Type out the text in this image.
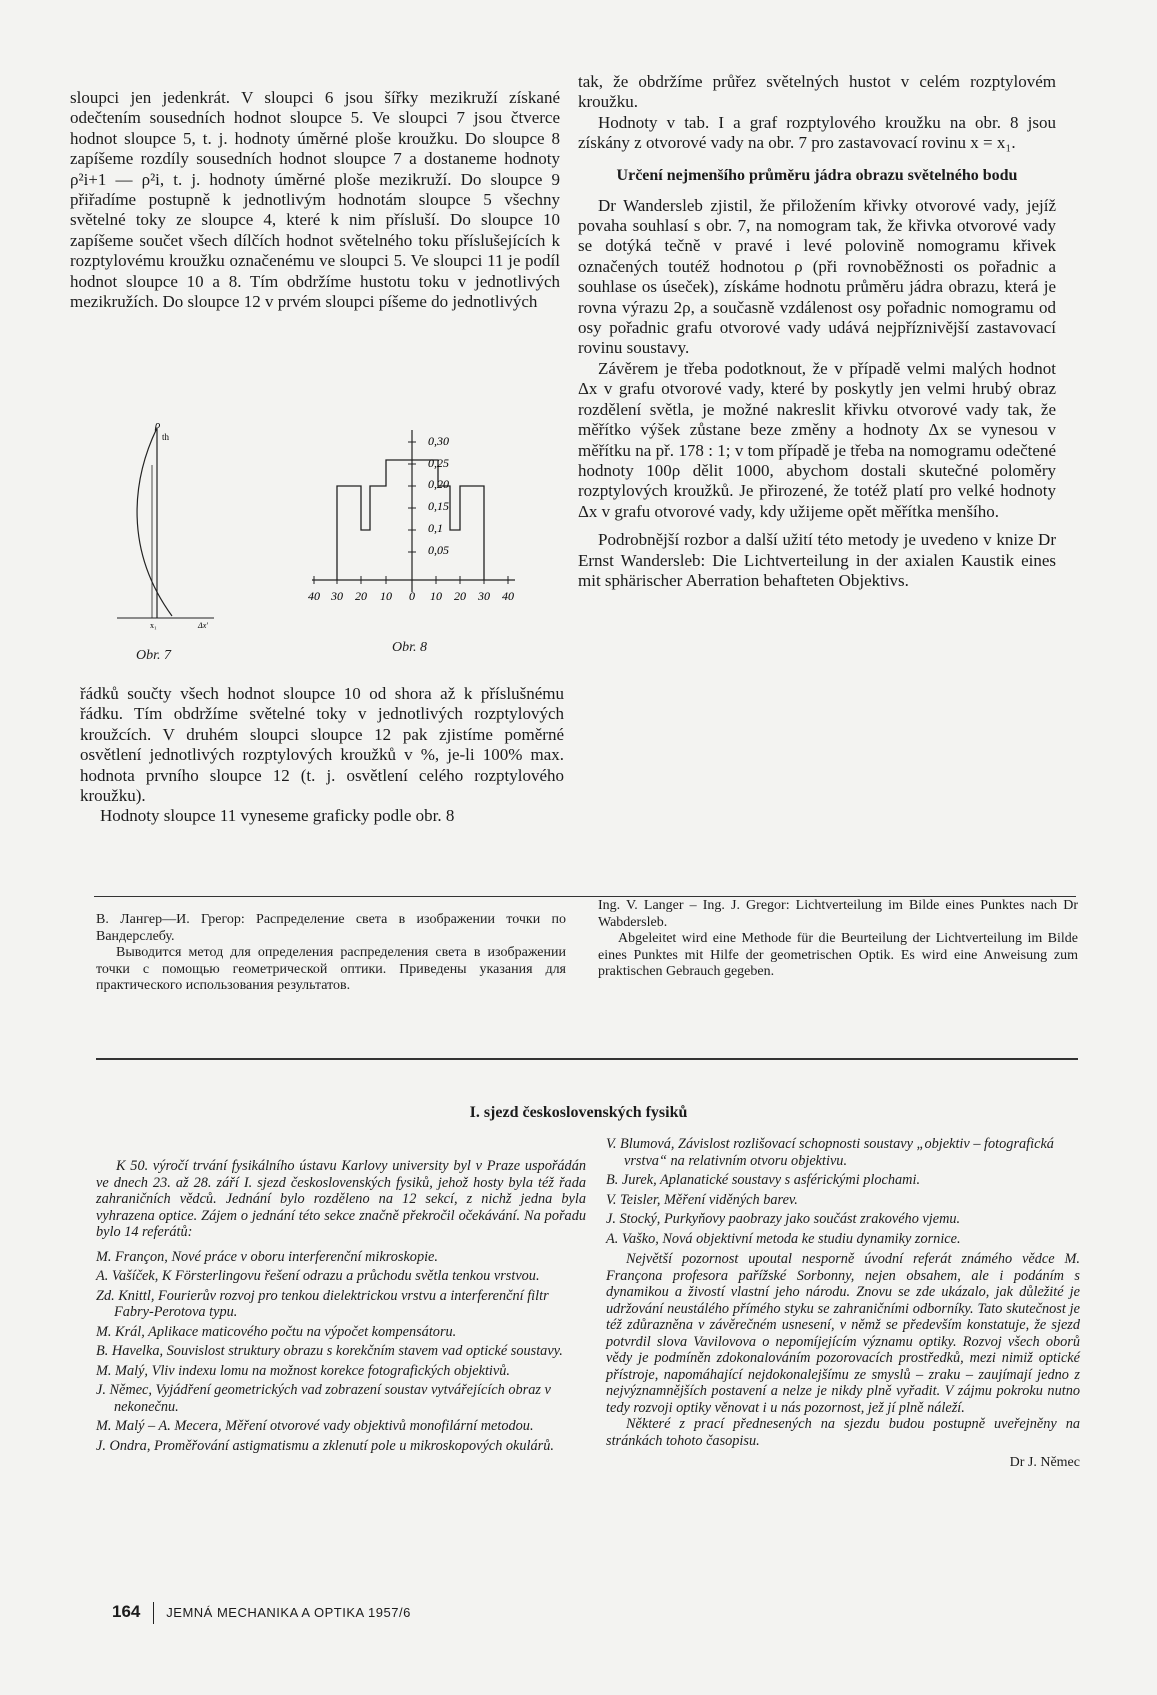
sloupci jen jedenkrát. V sloupci 6 jsou šířky mezikruží získané odečtením sousedních hodnot sloupce 5. Ve sloupci 7 jsou čtverce hodnot sloupce 5, t. j. hodnoty úměrné ploše kroužku. Do sloupce 8 zapíšeme rozdíly sousedních hodnot sloupce 7 a dostaneme hodnoty ρ²i+1 — ρ²i, t. j. hodnoty úměrné ploše mezikruží. Do sloupce 9 přiřadíme postupně k jednotlivým hodnotám sloupce 5 všechny světelné toky ze sloupce 4, které k nim přísluší. Do sloupce 10 zapíšeme součet všech dílčích hodnot světelného toku příslušejících k rozptylovému kroužku označenému ve sloupci 5. Ve sloupci 11 je podíl hodnot sloupce 10 a 8. Tím obdržíme hustotu toku v jednotlivých mezikružích. Do sloupce 12 v prvém sloupci píšeme do jednotlivých

ρ
th
x₁	Δx'
Obr. 7
0,30
0,25
0,20
0,15
0,1
0,05
40 30 20 10 0 10 20 30 40
Obr. 8

řádků součty všech hodnot sloupce 10 od shora až k příslušnému řádku. Tím obdržíme světelné toky v jednotlivých rozptylových kroužcích. V druhém sloupci sloupce 12 pak zjistíme poměrné osvětlení jednotlivých rozptylových kroužků v %, je-li 100% max. hodnota prvního sloupce 12 (t. j. osvětlení celého rozptylového kroužku).

Hodnoty sloupce 11 vyneseme graficky podle obr. 8

tak, že obdržíme průřez světelných hustot v celém rozptylovém kroužku.

Hodnoty v tab. I a graf rozptylového kroužku na obr. 8 jsou získány z otvorové vady na obr. 7 pro zastavovací rovinu x = x₁.

Určení nejmenšího průměru jádra obrazu světelného bodu

Dr Wandersleb zjistil, že přiložením křivky otvorové vady, jejíž povaha souhlasí s obr. 7, na nomogram tak, že křivka otvorové vady se dotýká tečně v pravé i levé polovině nomogramu křivek označených toutéž hodnotou ρ (při rovnoběžnosti os pořadnic a souhlase os úseček), získáme hodnotu průměru jádra obrazu, která je rovna výrazu 2ρ, a současně vzdálenost osy pořadnic nomogramu od osy pořadnic grafu otvorové vady udává nejpříznivější zastavovací rovinu soustavy.

Závěrem je třeba podotknout, že v případě velmi malých hodnot Δx v grafu otvorové vady, které by poskytly jen velmi hrubý obraz rozdělení světla, je možné nakreslit křivku otvorové vady tak, že měřítko výšek zůstane beze změny a hodnoty Δx se vynesou v měřítku na př. 178 : 1; v tom případě je třeba na nomogramu odečtené hodnoty 100ρ dělit 1000, abychom dostali skutečné poloměry rozptylových kroužků. Je přirozené, že totéž platí pro velké hodnoty Δx v grafu otvorové vady, kdy užijeme opět měřítka menšího.

Podrobnější rozbor a další užití této metody je uvedeno v knize Dr Ernst Wandersleb: Die Lichtverteilung in der axialen Kaustik eines mit sphärischer Aberration behafteten Objektivs.

В. Лангер—И. Грегор: Распределение света в изображении точки по Вандерслебу.

Выводится метод для определения распределения света в изображении точки с помощью геометрической оптики. Приведены указания для практического использования результатов.

Ing. V. Langer – Ing. J. Gregor: Lichtverteilung im Bilde eines Punktes nach Dr Wabdersleb.

Abgeleitet wird eine Methode für die Beurteilung der Lichtverteilung im Bilde eines Punktes mit Hilfe der geometrischen Optik. Es wird eine Anweisung zum praktischen Gebrauch gegeben.

I. sjezd československých fysiků

K 50. výročí trvání fysikálního ústavu Karlovy university byl v Praze uspořádán ve dnech 23. až 28. září I. sjezd československých fysiků, jehož hosty byla též řada zahraničních vědců. Jednání bylo rozděleno na 12 sekcí, z nichž jedna byla vyhrazena optice. Zájem o jednání této sekce značně překročil očekávání. Na pořadu bylo 14 referátů:

M. Françon, Nové práce v oboru interferenční mikroskopie.

A. Vašíček, K Försterlingovu řešení odrazu a průchodu světla tenkou vrstvou.

Zd. Knittl, Fourierův rozvoj pro tenkou dielektrickou vrstvu a interferenční filtr Fabry-Perotova typu.

M. Král, Aplikace maticového počtu na výpočet kompensátoru.

B. Havelka, Souvislost struktury obrazu s korekčním stavem vad optické soustavy.

M. Malý, Vliv indexu lomu na možnost korekce fotografických objektivů.

J. Němec, Vyjádření geometrických vad zobrazení soustav vytvářejících obraz v nekonečnu.

M. Malý – A. Mecera, Měření otvorové vady objektivů monofilární metodou.

J. Ondra, Proměřování astigmatismu a zklenutí pole u mikroskopových okulárů.

V. Blumová, Závislost rozlišovací schopnosti soustavy „objektiv – fotografická vrstva“ na relativním otvoru objektivu.

B. Jurek, Aplanatické soustavy s asférickými plochami.

V. Teisler, Měření viděných barev.

J. Stocký, Purkyňovy paobrazy jako součást zrakového vjemu.

A. Vaško, Nová objektivní metoda ke studiu dynamiky zornice.

Největší pozornost upoutal nesporně úvodní referát známého vědce M. Françona profesora pařížské Sorbonny, nejen obsahem, ale i podáním s dynamikou a živostí vlastní jeho národu. Znovu se zde ukázalo, jak důležité je udržování neustálého přímého styku se zahraničními odborníky. Tato skutečnost je též zdůrazněna v závěrečném usnesení, v němž se především konstatuje, že sjezd potvrdil slova Vavilovova o nepomíjejícím významu optiky. Rozvoj všech oborů vědy je podmíněn zdokonalováním pozorovacích prostředků, mezi nimiž optické přístroje, napomáhající nejdokonalejšímu ze smyslů – zraku – zaujímají jedno z nejvýznamnějších postavení a nelze je nikdy plně vyřadit. V zájmu pokroku nutno tedy rozvoji optiky věnovat i u nás pozornost, jež jí plně náleží.

Některé z prací přednesených na sjezdu budou postupně uveřejněny na stránkách tohoto časopisu.

Dr J. Němec

164 JEMNÁ MECHANIKA A OPTIKA 1957/6
